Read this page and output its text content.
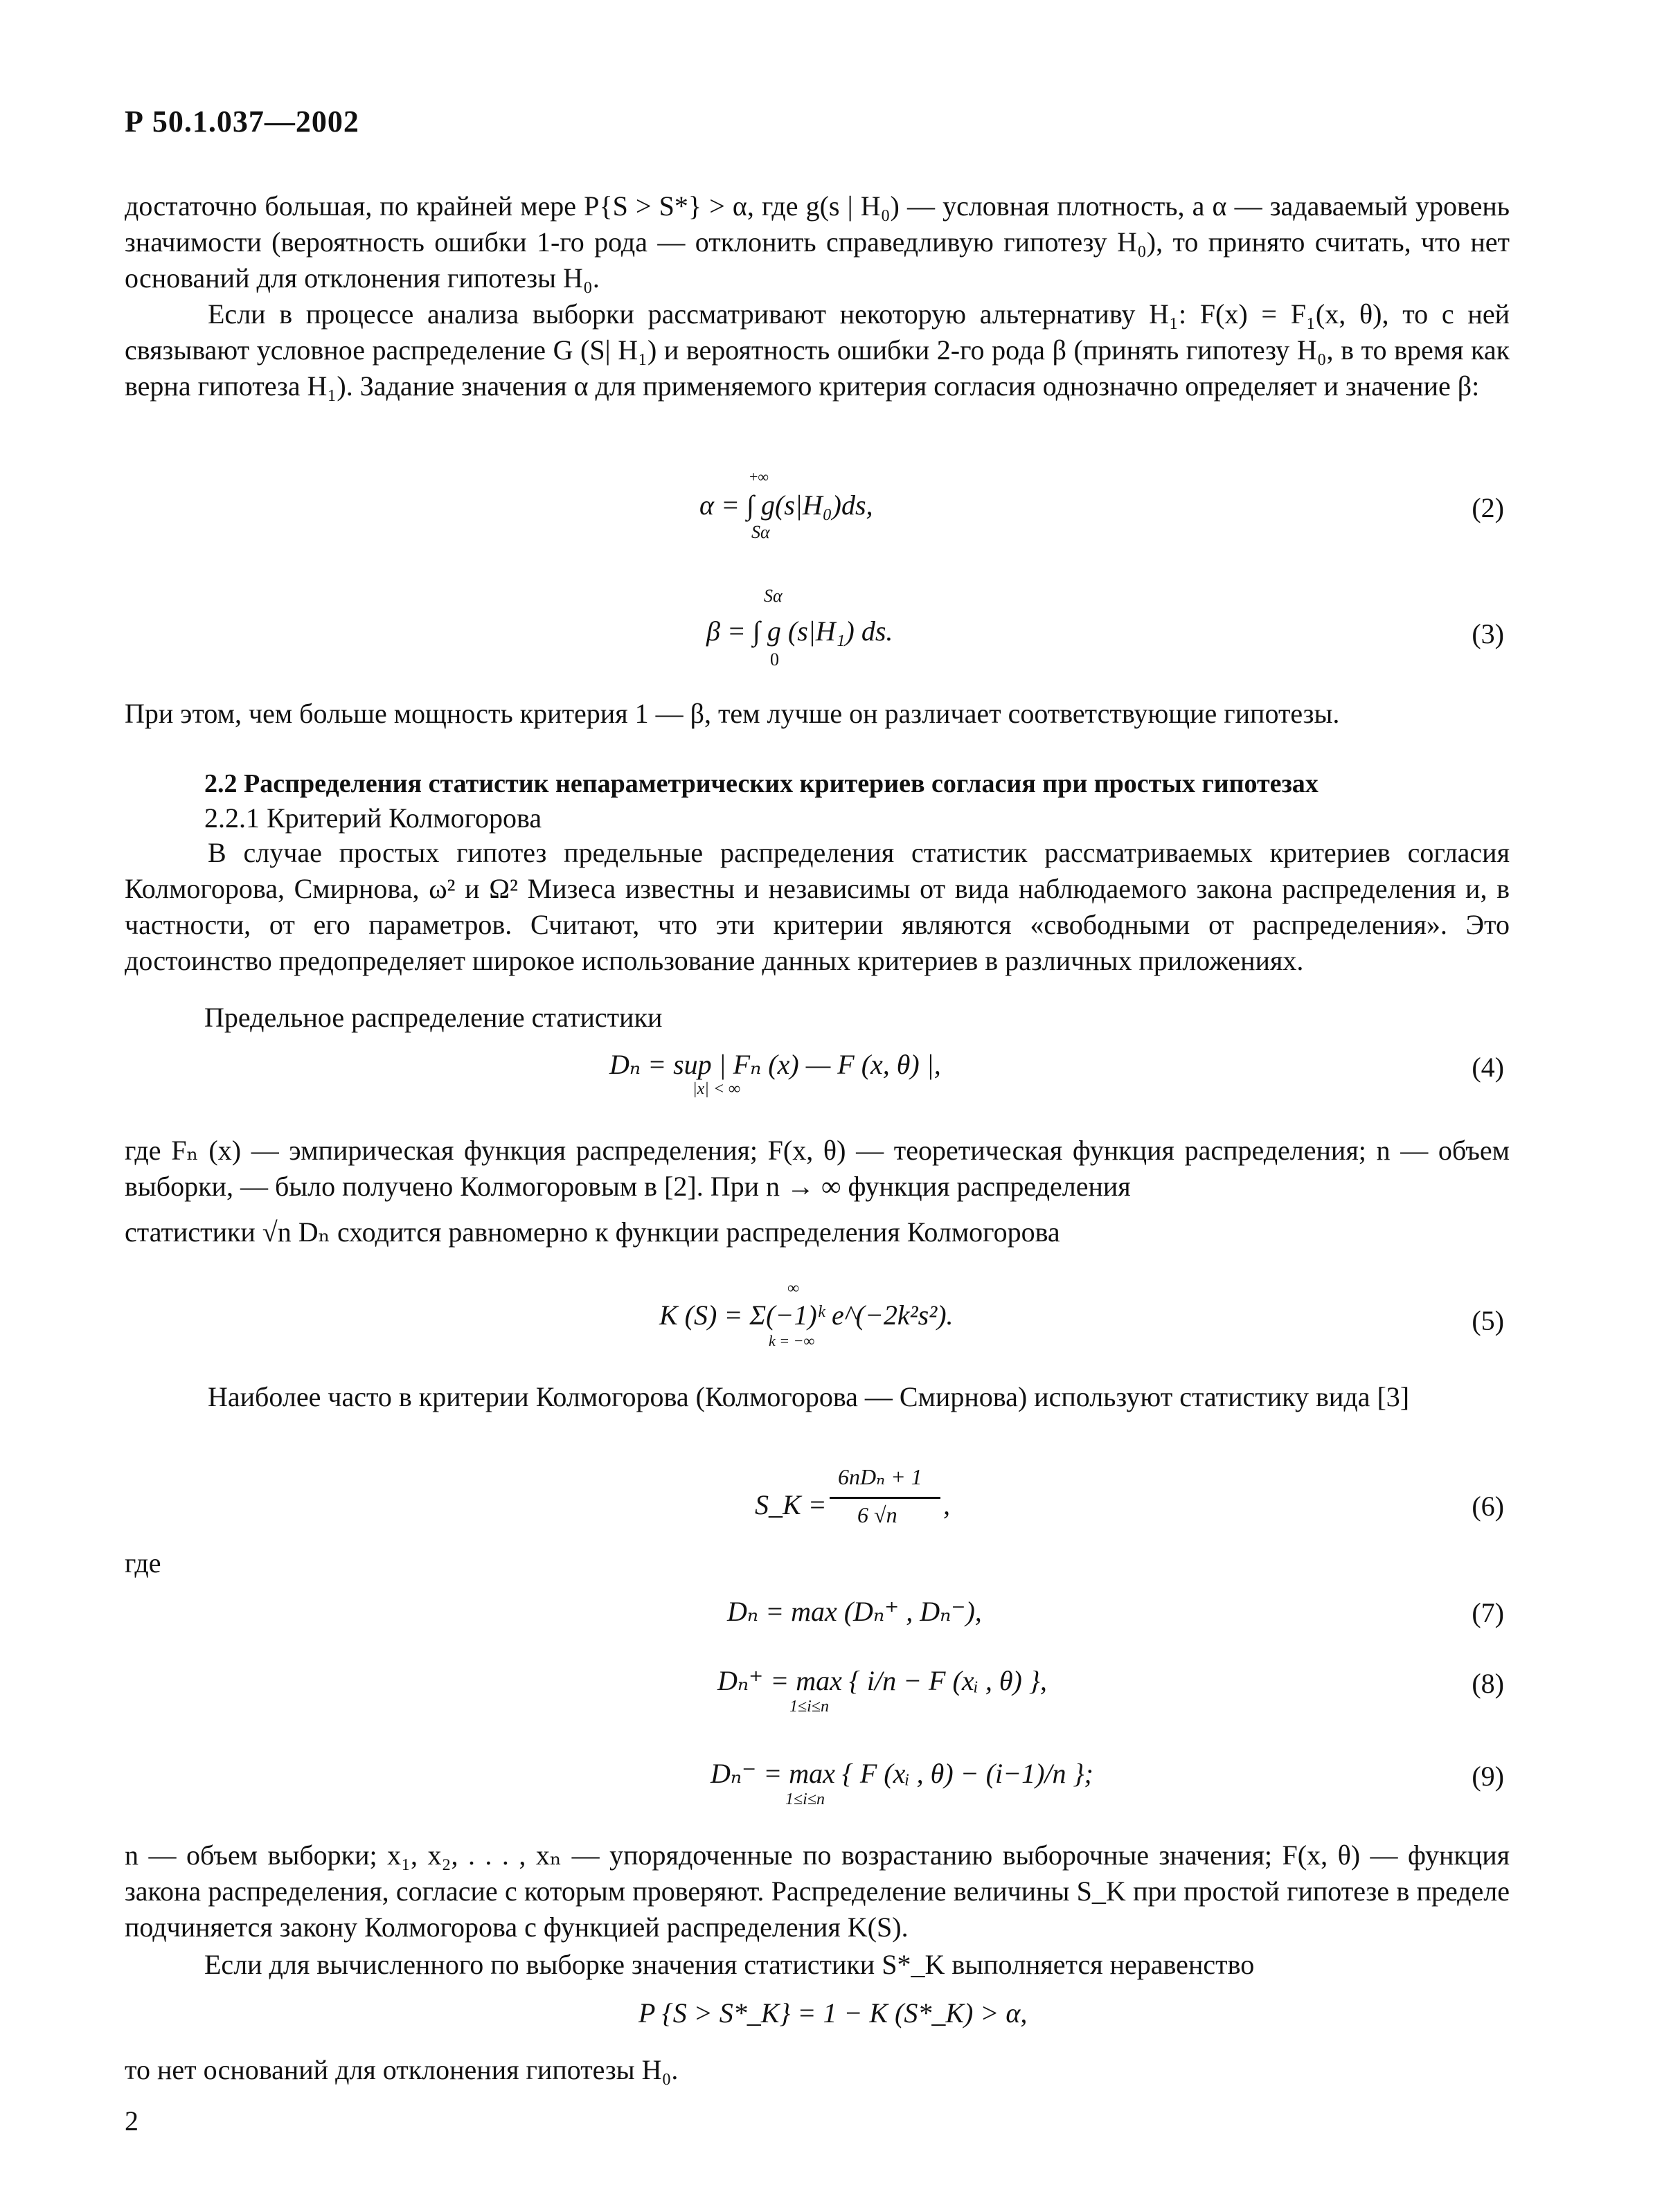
Р 50.1.037—2002
достаточно большая, по крайней мере P{S > S*} > α, где g(s | H₀) — условная плотность, а α — задаваемый уровень значимости (вероятность ошибки 1-го рода — отклонить справедливую гипотезу H₀), то принято считать, что нет оснований для отклонения гипотезы H₀.
Если в процессе анализа выборки рассматривают некоторую альтернативу H₁: F(x) = F₁(x, θ), то с ней связывают условное распределение G (S| H₁) и вероятность ошибки 2-го рода β (принять гипотезу H₀, в то время как верна гипотеза H₁). Задание значения α для применяемого критерия согласия однозначно определяет и значение β:
+∞
α = ∫ g(s|H₀)ds,
Sα
(2)
Sα
β = ∫ g (s|H₁) ds.
0
(3)
При этом, чем больше мощность критерия 1 — β, тем лучше он различает соответствующие гипотезы.
2.2 Распределения статистик непараметрических критериев согласия при простых гипотезах
2.2.1 Критерий Колмогорова
В случае простых гипотез предельные распределения статистик рассматриваемых критериев согласия Колмогорова, Смирнова, ω² и Ω² Мизеса известны и независимы от вида наблюдаемого закона распределения и, в частности, от его параметров. Считают, что эти критерии являются «свободными от распределения». Это достоинство предопределяет широкое использование данных критериев в различных приложениях.
Предельное распределение статистики
Dₙ = sup | Fₙ (x) — F (x, θ) |,
|x| < ∞
(4)
где Fₙ (x) — эмпирическая функция распределения; F(x, θ) — теоретическая функция распределения; n — объем выборки, — было получено Колмогоровым в [2]. При n → ∞ функция распределения
статистики √n Dₙ сходится равномерно к функции распределения Колмогорова
∞
K (S) = Σ(−1)ᵏ e^(−2k²s²).
k = −∞
(5)
Наиболее часто в критерии Колмогорова (Колмогорова — Смирнова) используют статистику вида [3]
S_K =
6nDₙ + 1
6 √n ,	(6)
где
Dₙ = max (Dₙ⁺ , Dₙ⁻),	(7)
Dₙ⁺ = max { i/n − F (xᵢ , θ) },
1≤i≤n
(8)
Dₙ⁻ = max { F (xᵢ , θ) − (i−1)/n };
1≤i≤n
(9)
n — объем выборки; x₁, x₂, . . . , xₙ — упорядоченные по возрастанию выборочные значения; F(x, θ) — функция закона распределения, согласие с которым проверяют. Распределение величины S_K при простой гипотезе в пределе подчиняется закону Колмогорова с функцией распределения K(S).
Если для вычисленного по выборке значения статистики S*_K выполняется неравенство
P {S > S*_K} = 1 − K (S*_K) > α,
то нет оснований для отклонения гипотезы H₀.
2
